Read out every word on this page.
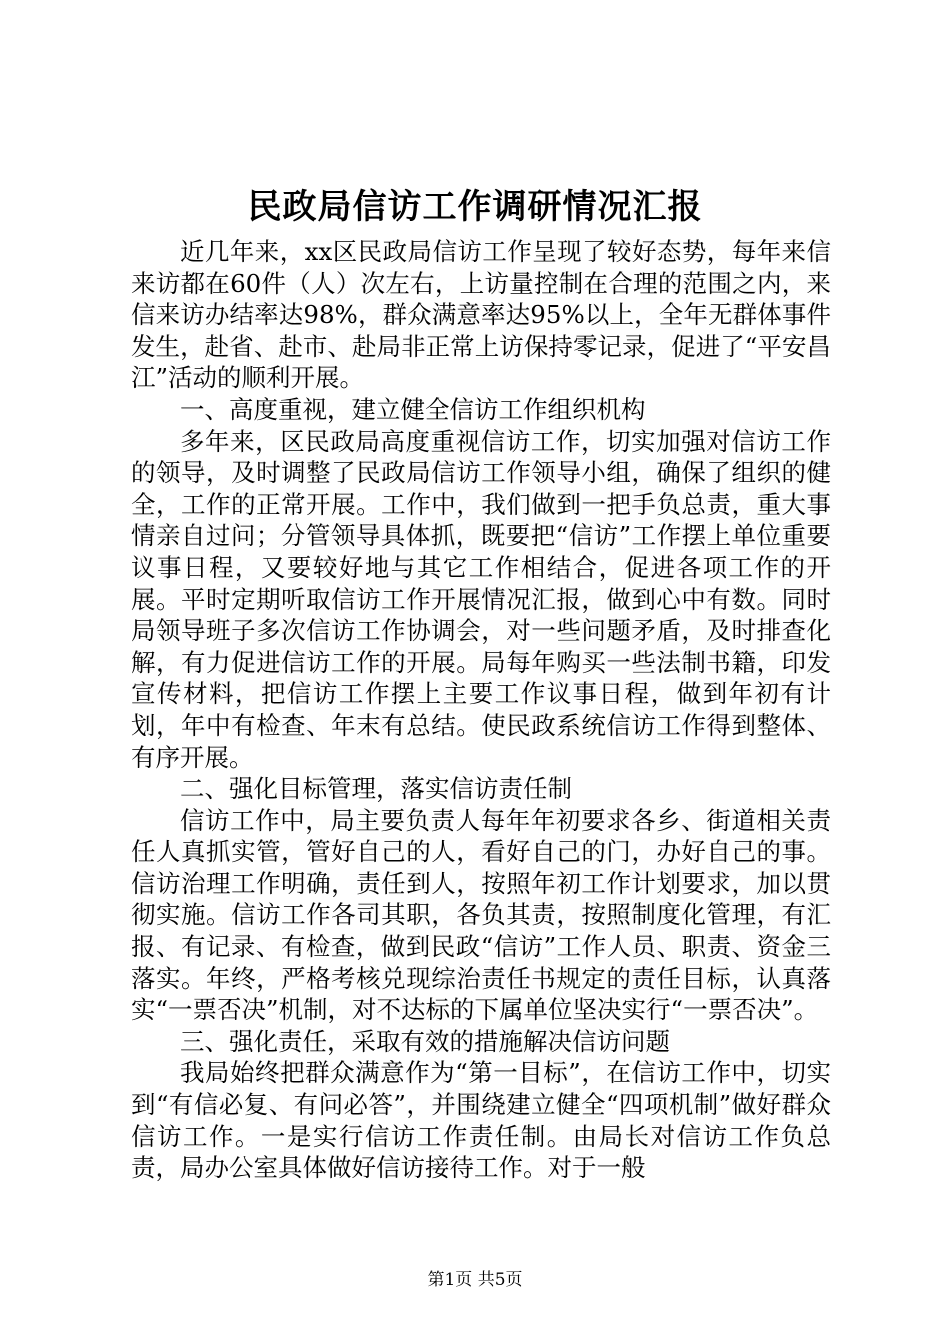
民政局信访工作调研情况汇报

近几年来，xx区民政局信访工作呈现了较好态势，每年来信来访都在60件（人）次左右，上访量控制在合理的范围之内，来信来访办结率达98%，群众满意率达95%以上，全年无群体事件发生，赴省、赴市、赴局非正常上访保持零记录，促进了“平安昌江”活动的顺利开展。

一、高度重视，建立健全信访工作组织机构

多年来，区民政局高度重视信访工作，切实加强对信访工作的领导，及时调整了民政局信访工作领导小组，确保了组织的健全，工作的正常开展。工作中，我们做到一把手负总责，重大事情亲自过问；分管领导具体抓，既要把“信访”工作摆上单位重要议事日程，又要较好地与其它工作相结合，促进各项工作的开展。平时定期听取信访工作开展情况汇报，做到心中有数。同时局领导班子多次信访工作协调会，对一些问题矛盾，及时排查化解，有力促进信访工作的开展。局每年购买一些法制书籍，印发宣传材料，把信访工作摆上主要工作议事日程，做到年初有计划，年中有检查、年末有总结。使民政系统信访工作得到整体、有序开展。

二、强化目标管理，落实信访责任制

信访工作中，局主要负责人每年年初要求各乡、街道相关责任人真抓实管，管好自己的人，看好自己的门，办好自己的事。信访治理工作明确，责任到人，按照年初工作计划要求，加以贯彻实施。信访工作各司其职，各负其责，按照制度化管理，有汇报、有记录、有检查，做到民政“信访”工作人员、职责、资金三落实。年终，严格考核兑现综治责任书规定的责任目标，认真落实“一票否决”机制，对不达标的下属单位坚决实行“一票否决”。

三、强化责任，采取有效的措施解决信访问题

我局始终把群众满意作为“第一目标”，在信访工作中，切实到“有信必复、有问必答”，并围绕建立健全“四项机制”做好群众信访工作。一是实行信访工作责任制。由局长对信访工作负总责，局办公室具体做好信访接待工作。对于一般

第1页 共5页
